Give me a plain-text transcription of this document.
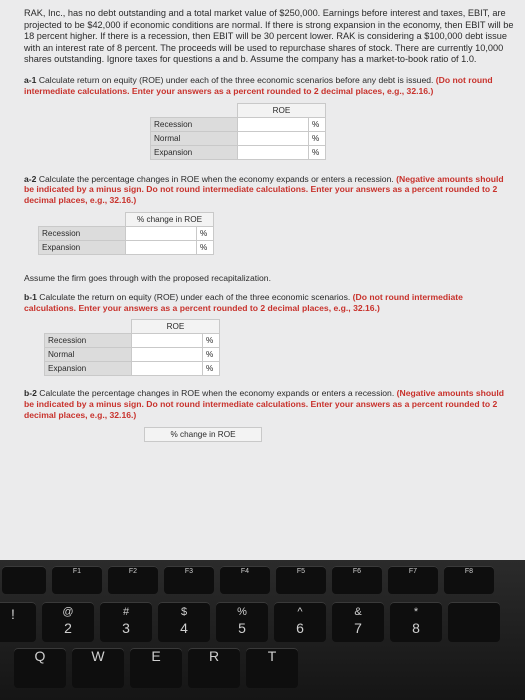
RAK, Inc., has no debt outstanding and a total market value of $250,000. Earnings before interest and taxes, EBIT, are projected to be $42,000 if economic conditions are normal. If there is strong expansion in the economy, then EBIT will be 18 percent higher. If there is a recession, then EBIT will be 30 percent lower. RAK is considering a $100,000 debt issue with an interest rate of 8 percent. The proceeds will be used to repurchase shares of stock. There are currently 10,000 shares outstanding. Ignore taxes for questions a and b. Assume the company has a market-to-book ratio of 1.0.

a-1 Calculate return on equity (ROE) under each of the three economic scenarios before any debt is issued. (Do not round intermediate calculations. Enter your answers as a percent rounded to 2 decimal places, e.g., 32.16.)
	ROE	
Recession		%
Normal		%
Expansion		%
a-2 Calculate the percentage changes in ROE when the economy expands or enters a recession. (Negative amounts should be indicated by a minus sign. Do not round intermediate calculations. Enter your answers as a percent rounded to 2 decimal places, e.g., 32.16.)
	% change in ROE	
Recession		%
Expansion		%
Assume the firm goes through with the proposed recapitalization.
b-1 Calculate the return on equity (ROE) under each of the three economic scenarios. (Do not round intermediate calculations. Enter your answers as a percent rounded to 2 decimal places, e.g., 32.16.)
	ROE	
Recession		%
Normal		%
Expansion		%
b-2 Calculate the percentage changes in ROE when the economy expands or enters a recession. (Negative amounts should be indicated by a minus sign. Do not round intermediate calculations. Enter your answers as a percent rounded to 2 decimal places, e.g., 32.16.)
% change in ROE
F1	F2	F3	F4	F5	F6	F7	F8
!	@
2
#
3
$
4
%
5
^
6
&
7
*
8
Q	W	E	R	T
